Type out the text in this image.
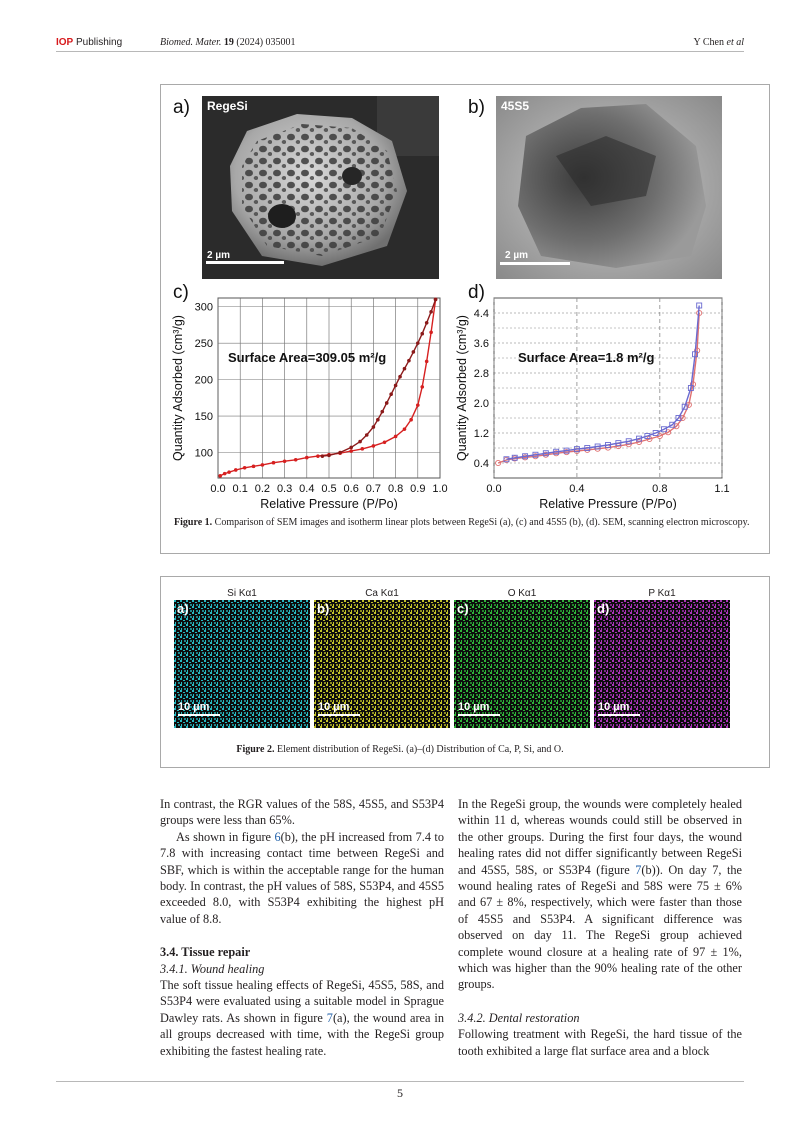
IOP Publishing	Biomed. Mater. 19 (2024) 035001	Y Chen et al
a) RegeSi
2 µm
b) 45S5
2 µm
c)	d)
0.0 0.1 0.2 0.3 0.4 0.5 0.6 0.7 0.8 0.9 1.0
100
150
200
250
300
Relative Pressure (P/Po)
Quantity Adsorbed (cm³/g)	Surface Area=309.05 m²/g
0.0	0.4	0.8	1.1
0.4
1.2
2.0
2.8
3.6
4.4
Relative Pressure (P/Po)
Quantity Adsorbed (cm³/g)	Surface Area=1.8 m²/g
Figure 1. Comparison of SEM images and isotherm linear plots between RegeSi (a), (c) and 45S5 (b), (d). SEM, scanning electron microscopy.
Si Kα1
a)
10 µm
Ca Kα1
b)
10 µm
O Kα1
c)
10 µm
P Kα1
d)
10 µm
Figure 2. Element distribution of RegeSi. (a)–(d) Distribution of Ca, P, Si, and O.

In contrast, the RGR values of the 58S, 45S5, and S53P4 groups were less than 65%.

As shown in figure 6(b), the pH increased from 7.4 to 7.8 with increasing contact time between RegeSi and SBF, which is within the acceptable range for the human body. In contrast, the pH values of 58S, S53P4, and 45S5 exceeded 8.0, with S53P4 exhibiting the highest pH value of 8.8.

3.4. Tissue repair

3.4.1. Wound healing

The soft tissue healing effects of RegeSi, 45S5, 58S, and S53P4 were evaluated using a suitable model in Sprague Dawley rats. As shown in figure 7(a), the wound area in all groups decreased with time, with the RegeSi group exhibiting the fastest healing rate.

In the RegeSi group, the wounds were completely healed within 11 d, whereas wounds could still be observed in the other groups. During the first four days, the wound healing rates did not differ significantly between RegeSi and 45S5, 58S, or S53P4 (figure 7(b)). On day 7, the wound healing rates of RegeSi and 58S were 75 ± 6% and 67 ± 8%, respectively, which were faster than those of 45S5 and S53P4. A significant difference was observed on day 11. The RegeSi group achieved complete wound closure at a healing rate of 97 ± 1%, which was higher than the 90% healing rate of the other groups.

3.4.2. Dental restoration

Following treatment with RegeSi, the hard tissue of the tooth exhibited a large flat surface area and a block

5
